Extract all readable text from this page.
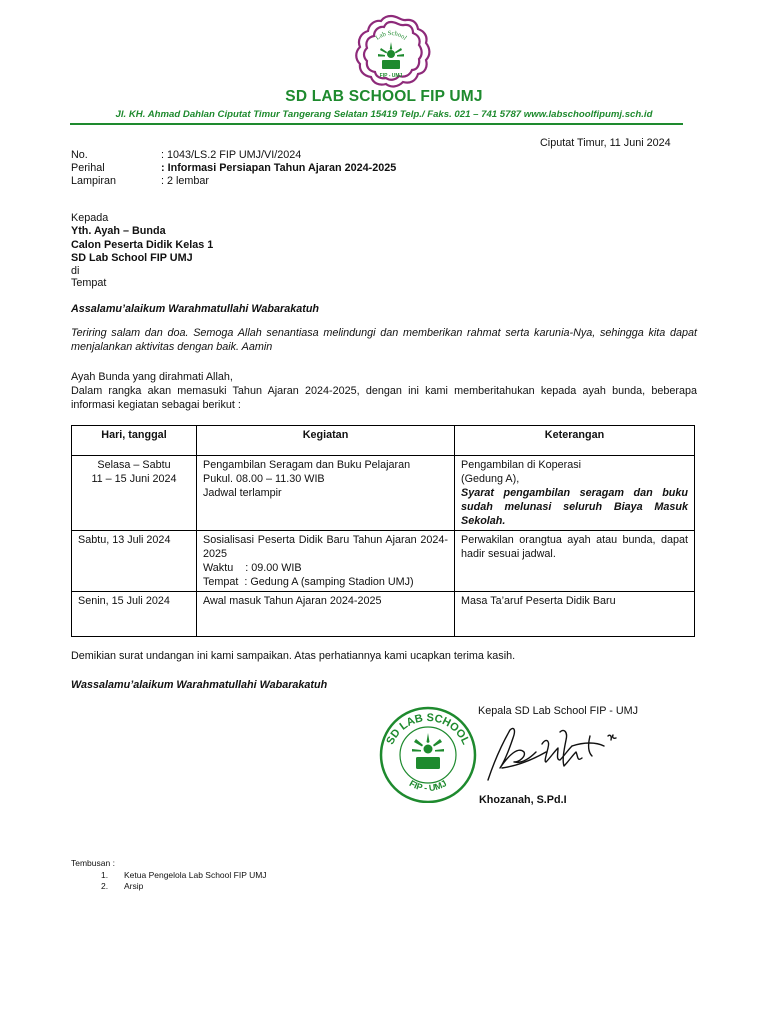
Lab School
FIP - UMJ
SD LAB SCHOOL FIP UMJ
Jl. KH. Ahmad Dahlan Ciputat Timur Tangerang Selatan 15419 Telp./ Faks. 021 – 741 5787 www.labschoolfipumj.sch.id
Ciputat Timur, 11 Juni 2024
No.	: 1043/LS.2 FIP UMJ/VI/2024
Perihal	: Informasi Persiapan Tahun Ajaran 2024-2025
Lampiran	: 2 lembar
Kepada
Yth. Ayah – Bunda
Calon Peserta Didik Kelas 1
SD Lab School FIP UMJ
di
Tempat
Assalamu’alaikum Warahmatullahi Wabarakatuh
Teriring salam dan doa. Semoga Allah senantiasa melindungi dan memberikan rahmat serta karunia-Nya, sehingga kita dapat menjalankan aktivitas dengan baik. Aamin
Ayah Bunda yang dirahmati Allah,
Dalam rangka akan memasuki Tahun Ajaran 2024-2025, dengan ini kami memberitahukan kepada ayah bunda, beberapa informasi kegiatan sebagai berikut :
Hari, tanggal	Kegiatan	Keterangan

Selasa – Sabtu
11 – 15 Juni 2024	Pengambilan Seragam dan Buku Pelajaran
Pukul. 08.00 – 11.30 WIB
Jadwal terlampir	Pengambilan di Koperasi
(Gedung A),
Syarat pengambilan seragam dan buku sudah melunasi seluruh Biaya Masuk Sekolah.

Sabtu, 13 Juli 2024	Sosialisasi Peserta Didik Baru Tahun Ajaran 2024-2025
Waktu    : 09.00 WIB
Tempat  : Gedung A (samping Stadion UMJ)	Perwakilan orangtua ayah atau bunda, dapat hadir sesuai jadwal.
Senin, 15 Juli 2024	Awal masuk Tahun Ajaran 2024-2025	Masa Ta’aruf Peserta Didik Baru
Demikian surat undangan ini kami sampaikan. Atas perhatiannya kami ucapkan terima kasih.
Wassalamu’alaikum Warahmatullahi Wabarakatuh
Kepala SD Lab School FIP - UMJ
SD LAB SCHOOL
FIP - UMJ
Khozanah, S.Pd.I
Tembusan :
1. Ketua Pengelola Lab School FIP UMJ
2. Arsip
